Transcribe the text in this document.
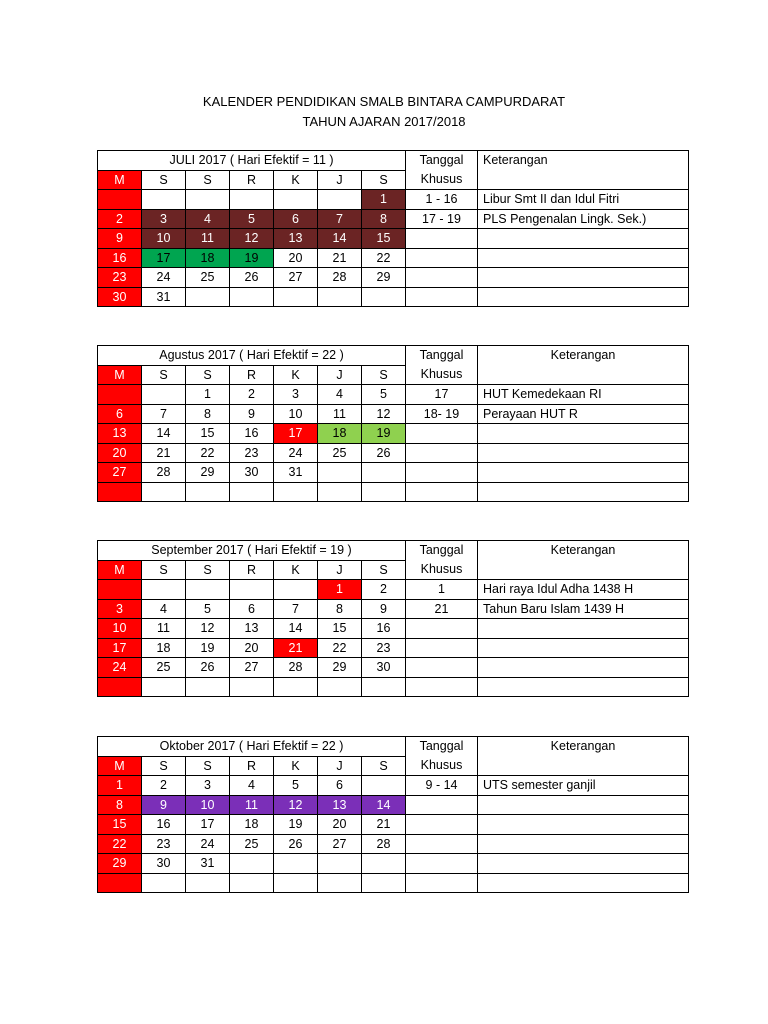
KALENDER PENDIDIKAN SMALB BINTARA CAMPURDARAT
TAHUN AJARAN 2017/2018
JULI 2017 ( Hari Efektif = 11 )							Tanggal Khusus	Keterangan
M	S	S	R	K	J	S		
						1	1 - 16	Libur Smt II dan Idul Fitri
2	3	4	5	6	7	8	17 - 19	PLS Pengenalan Lingk. Sek.)
9	10	11	12	13	14	15		
16	17	18	19	20	21	22		
23	24	25	26	27	28	29		
30	31							
Agustus 2017 ( Hari Efektif = 22 )							Tanggal Khusus	Keterangan
M	S	S	R	K	J	S		
		1	2	3	4	5	17	HUT Kemedekaan RI
6	7	8	9	10	11	12	18- 19	Perayaan HUT R
13	14	15	16	17	18	19		
20	21	22	23	24	25	26		
27	28	29	30	31				

September 2017 ( Hari Efektif = 19 )							Tanggal Khusus	Keterangan
M	S	S	R	K	J	S		
					1	2	1	Hari raya Idul Adha 1438 H
3	4	5	6	7	8	9	21	Tahun Baru Islam 1439 H
10	11	12	13	14	15	16		
17	18	19	20	21	22	23		
24	25	26	27	28	29	30		

Oktober 2017 ( Hari Efektif = 22 )							Tanggal Khusus	Keterangan
M	S	S	R	K	J	S		
1	2	3	4	5	6		9 - 14	UTS semester ganjil
8	9	10	11	12	13	14		
15	16	17	18	19	20	21		
22	23	24	25	26	27	28		
29	30	31						
